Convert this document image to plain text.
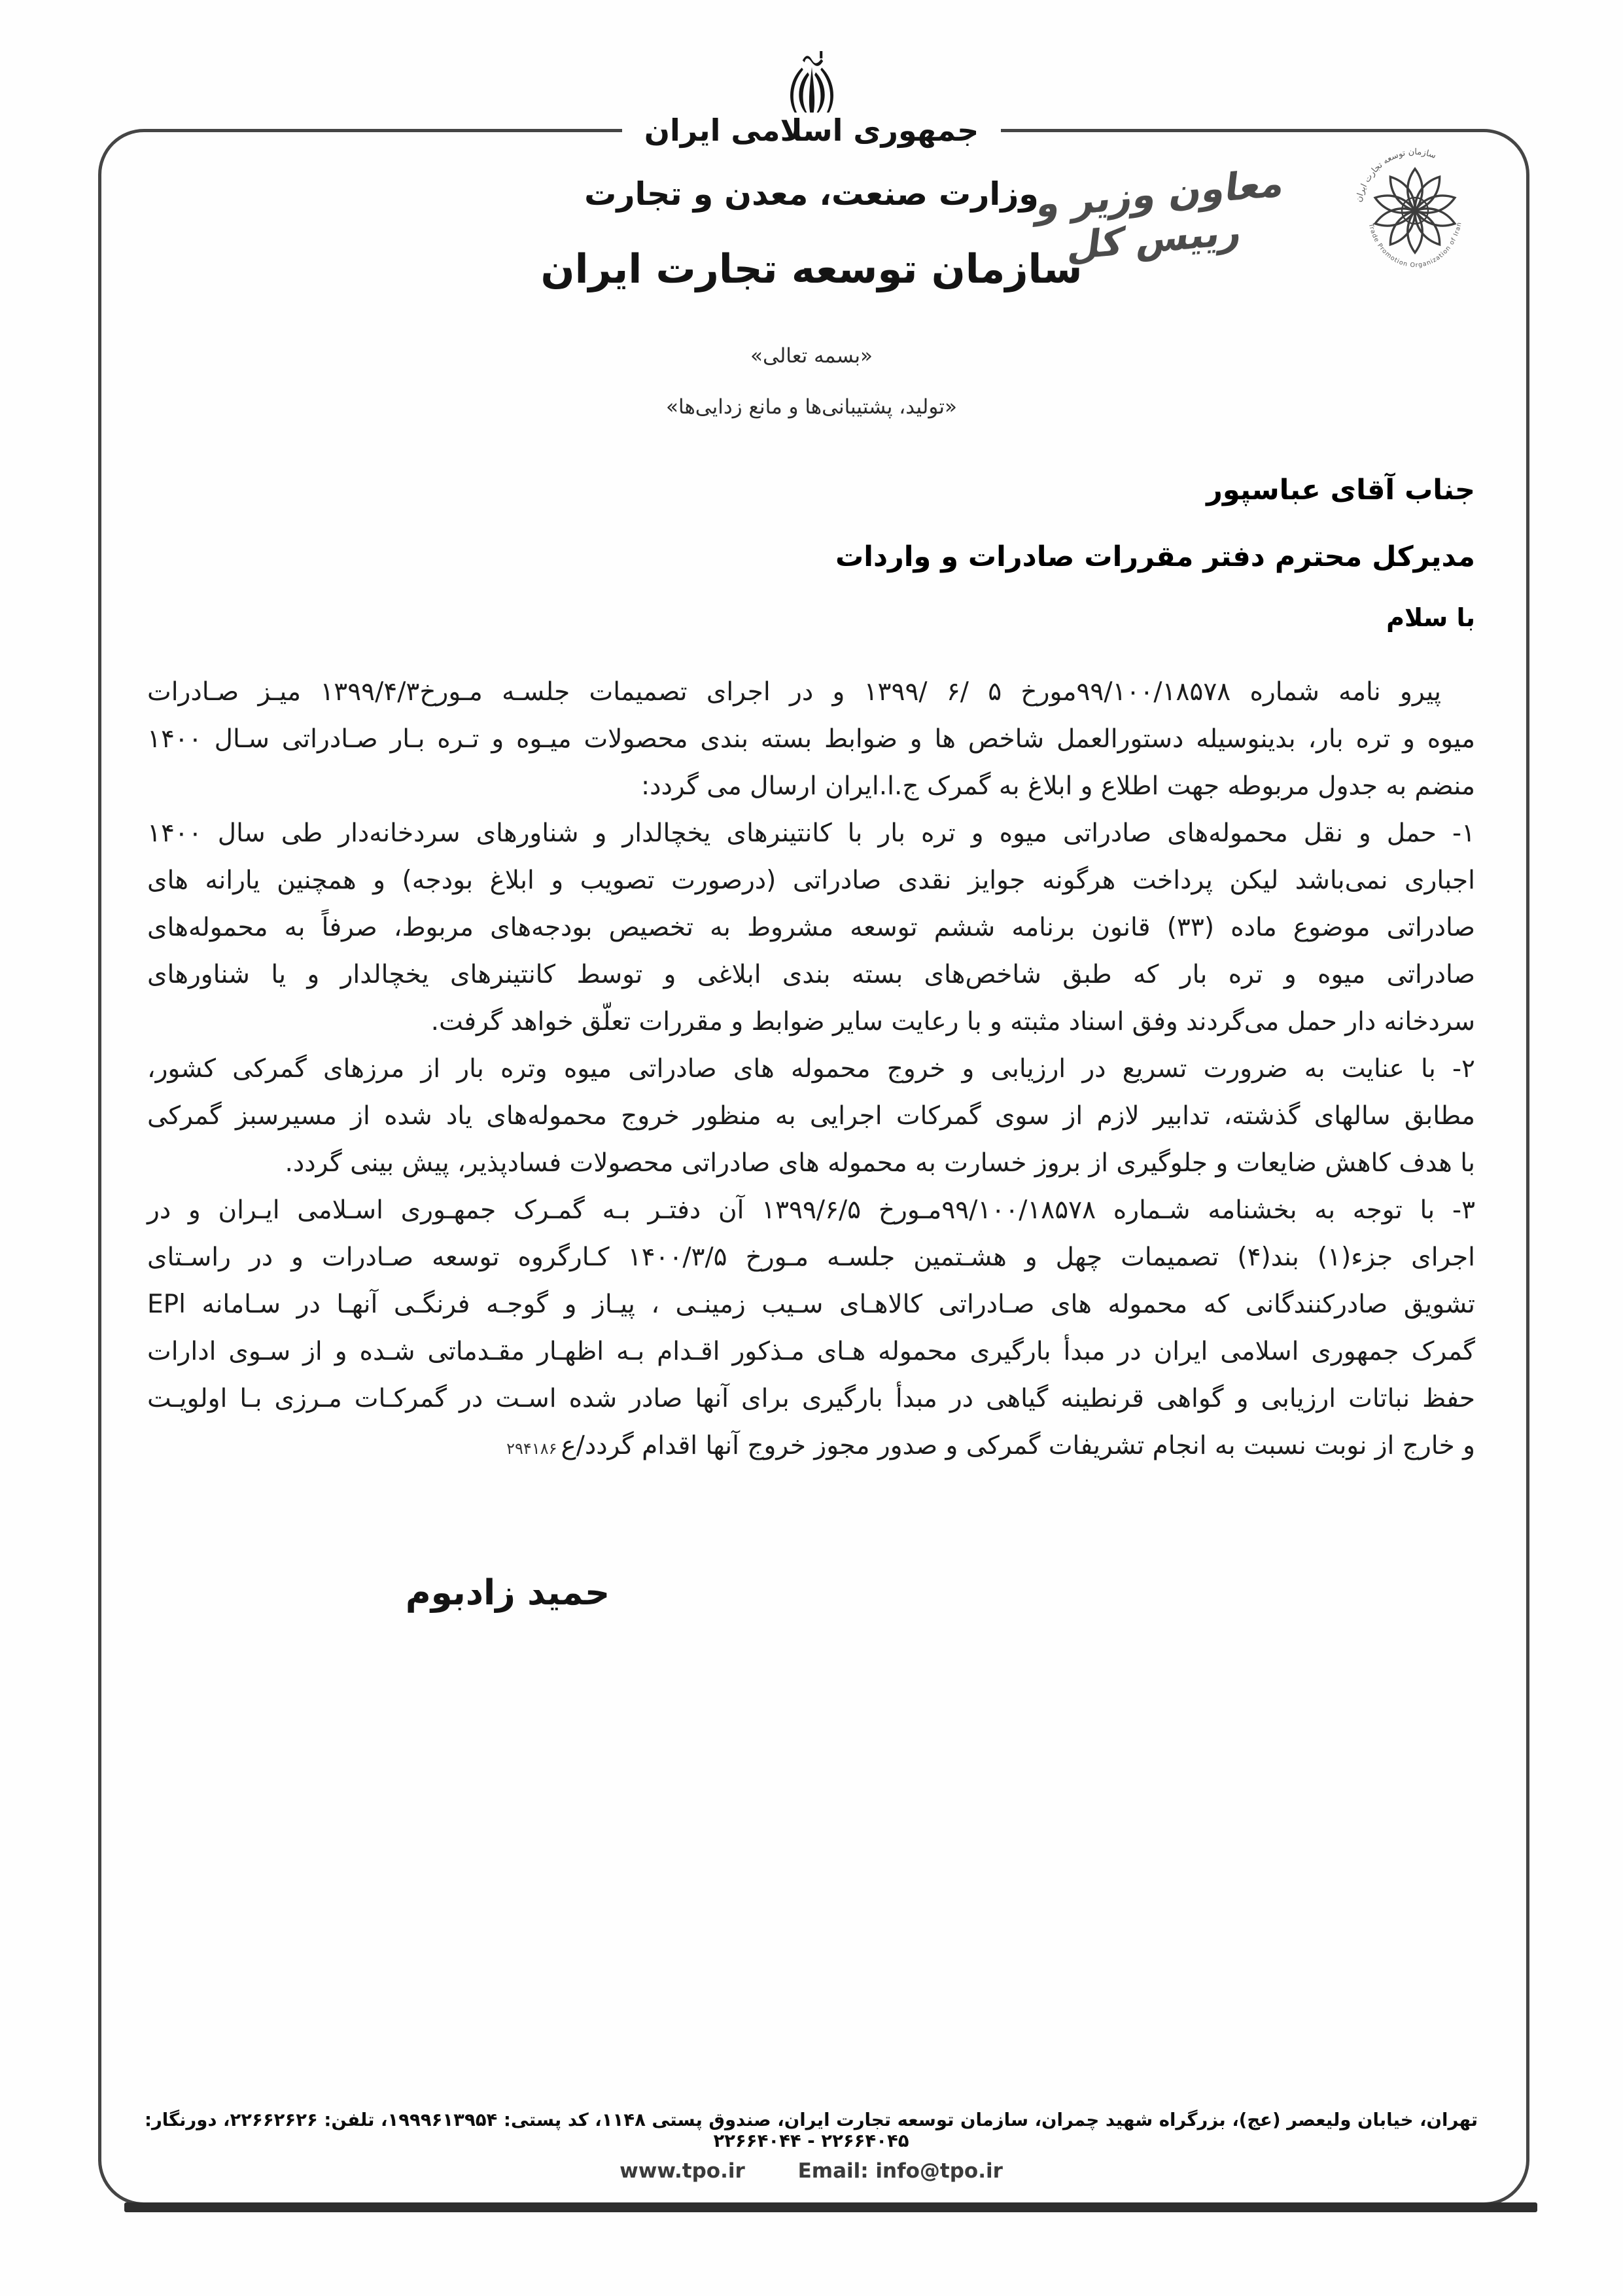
جمهوری اسلامی ایران
وزارت صنعت، معدن و تجارت
سازمان توسعه تجارت ایران
معاون وزیر و رییس کل
سازمان توسعه تجارت ایران
Trade Promotion Organization of Iran
«بسمه تعالی»
«تولید، پشتیبانی‌ها و مانع زدایی‌ها»
جناب آقای عباسپور
مدیرکل محترم دفتر مقررات صادرات و واردات
با سلام
پیرو نامه شماره ۹۹/۱۰۰/۱۸۵۷۸مورخ ۵ /۶ /۱۳۹۹ و در اجرای تصمیمات جلسـه مـورخ۱۳۹۹/۴/۳ میـز صـادرات
میوه و تره بار، بدینوسیله دستورالعمل شاخص ها و ضوابط بسته بندی محصولات میـوه و تـره بـار صـادراتی سـال ۱۴۰۰
منضم به جدول مربوطه جهت اطلاع و ابلاغ به گمرک ج.ا.ایران ارسال می گردد:
۱- حمل و نقل محموله‌های صادراتی میوه و تره بار با کانتینرهای یخچالدار و شناورهای سردخانه‌دار طی سال ۱۴۰۰
اجباری نمی‌باشد لیکن پرداخت هرگونه جوایز نقدی صادراتی (درصورت تصویب و ابلاغ بودجه) و همچنین یارانه های
صادراتی موضوع ماده (۳۳) قانون برنامه ششم توسعه مشروط به تخصیص بودجه‌های مربوط، صرفاً به محموله‌های
صادراتی میوه و تره بار که طبق شاخص‌های بسته بندی ابلاغی و توسط کانتینرهای یخچالدار و یا شناورهای
سردخانه دار حمل می‌گردند وفق اسناد مثبته و با رعایت سایر ضوابط و مقررات تعلّق خواهد گرفت.
۲- با عنایت به ضرورت تسریع در ارزیابی و خروج محموله های صادراتی میوه وتره بار از مرزهای گمرکی کشور،
مطابق سالهای گذشته، تدابیر لازم از سوی گمرکات اجرایی به منظور خروج محموله‌های یاد شده از مسیرسبز گمرکی
با هدف کاهش ضایعات و جلوگیری از بروز خسارت به محموله های صادراتی محصولات فسادپذیر، پیش بینی گردد.
۳- با توجه به بخشنامه شـماره ۹۹/۱۰۰/۱۸۵۷۸مـورخ ۱۳۹۹/۶/۵ آن دفتـر بـه گمـرک جمهـوری اسـلامی ایـران و در
اجرای جزء(۱) بند(۴) تصمیمات چهل و هشـتمین جلسـه مـورخ ۱۴۰۰/۳/۵ کـارگروه توسعه صـادرات و در راسـتای
تشویق صادرکنندگانی که محموله های صـادراتی کالاهـای سـیب زمینـی ، پیـاز و گوجـه فرنگـی آنهـا در سـامانه EPl
گمرک جمهوری اسلامی ایران در مبدأ بارگیری محموله هـای مـذکور اقـدام بـه اظهـار مقـدماتی شـده و از سـوی ادارات
حفظ نباتات ارزیابی و گواهی قرنطینه گیاهی در مبدأ بارگیری برای آنها صادر شده اسـت در گمرکـات مـرزی بـا اولویـت
و خارج از نوبت نسبت به انجام تشریفات گمرکی و صدور مجوز خروج آنها اقدام گردد/ع۲۹۴۱۸۶
حمید زادبوم
تهران، خیابان ولیعصر (عج)، بزرگراه شهید چمران، سازمان توسعه تجارت ایران، صندوق پستی ۱۱۴۸، کد پستی: ۱۹۹۹۶۱۳۹۵۴، تلفن: ۲۲۶۶۲۶۲۶، دورنگار: ۲۲۶۶۴۰۴۵ - ۲۲۶۶۴۰۴۴
www.tpo.ir	Email: info@tpo.ir
